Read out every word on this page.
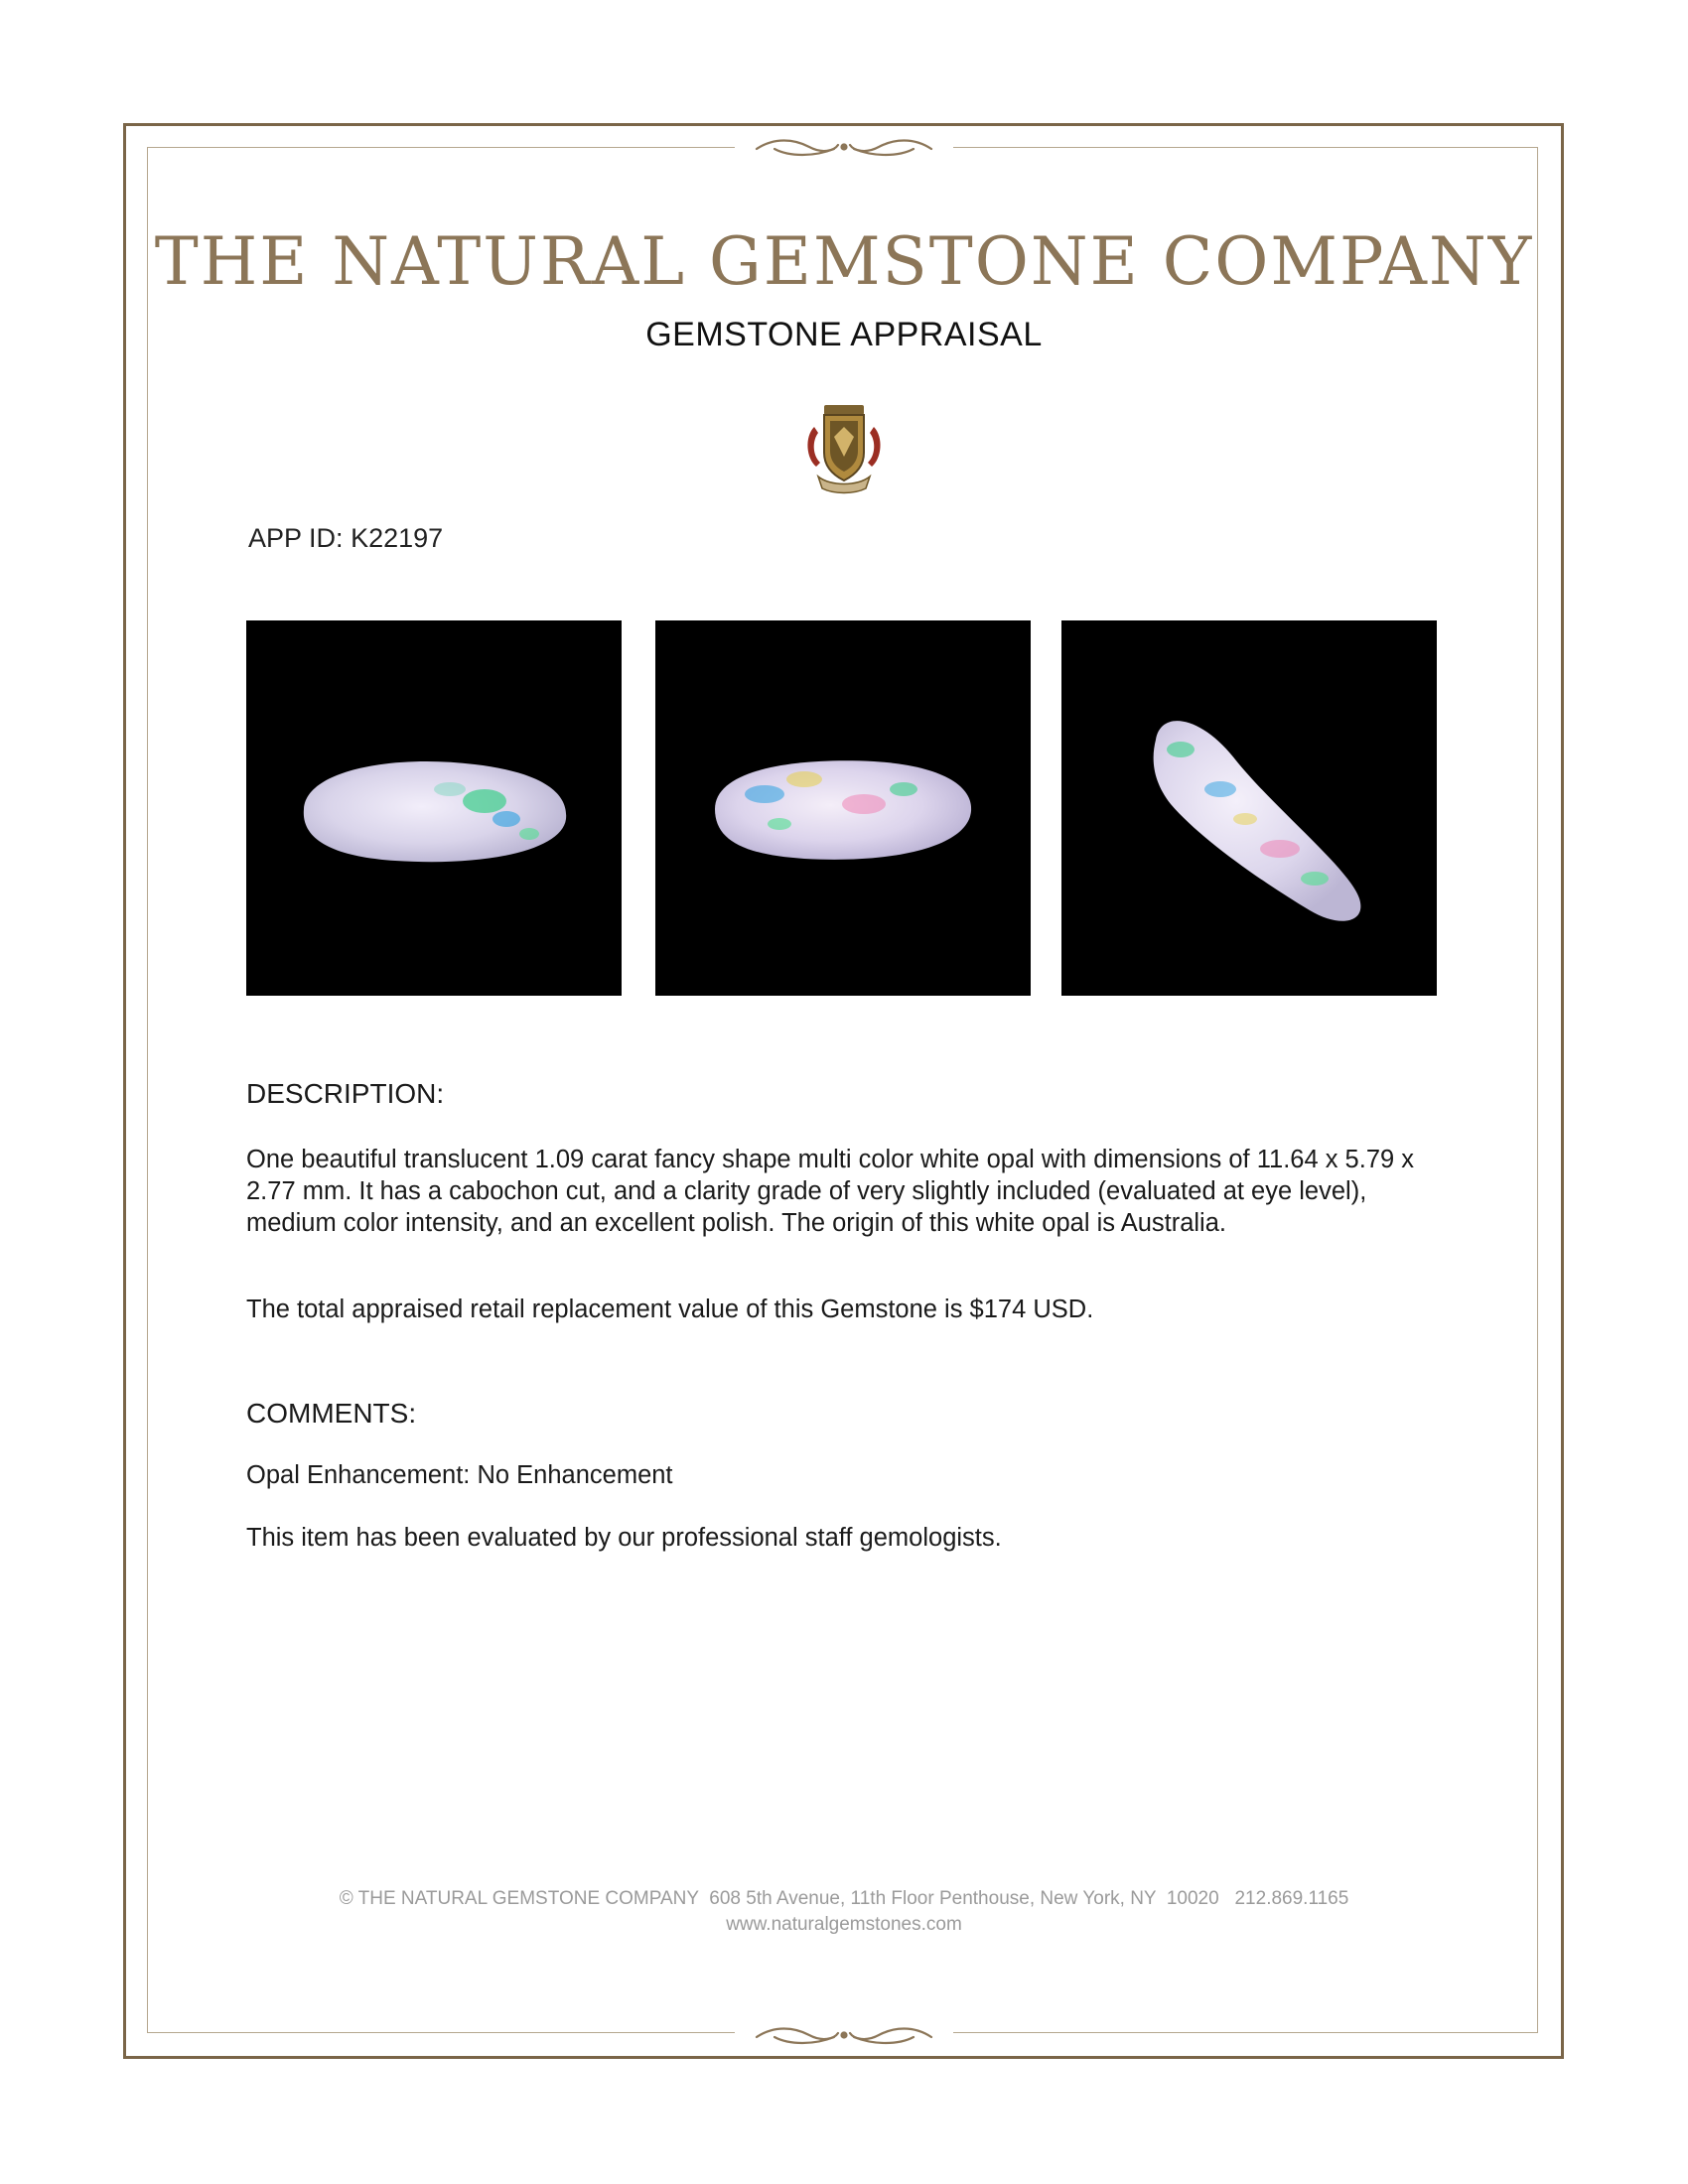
THE NATURAL GEMSTONE COMPANY
GEMSTONE APPRAISAL
APP ID: K22197
DESCRIPTION:
One beautiful translucent 1.09 carat fancy shape multi color white opal with dimensions of 11.64 x 5.79 x 2.77 mm. It has a cabochon cut, and a clarity grade of very slightly included (evaluated at eye level), medium color intensity, and an excellent polish. The origin of this white opal is Australia.
The total appraised retail replacement value of this Gemstone is $174 USD.
COMMENTS:
Opal Enhancement: No Enhancement
This item has been evaluated by our professional staff gemologists.
© THE NATURAL GEMSTONE COMPANY  608 5th Avenue, 11th Floor Penthouse, New York, NY  10020   212.869.1165
www.naturalgemstones.com
